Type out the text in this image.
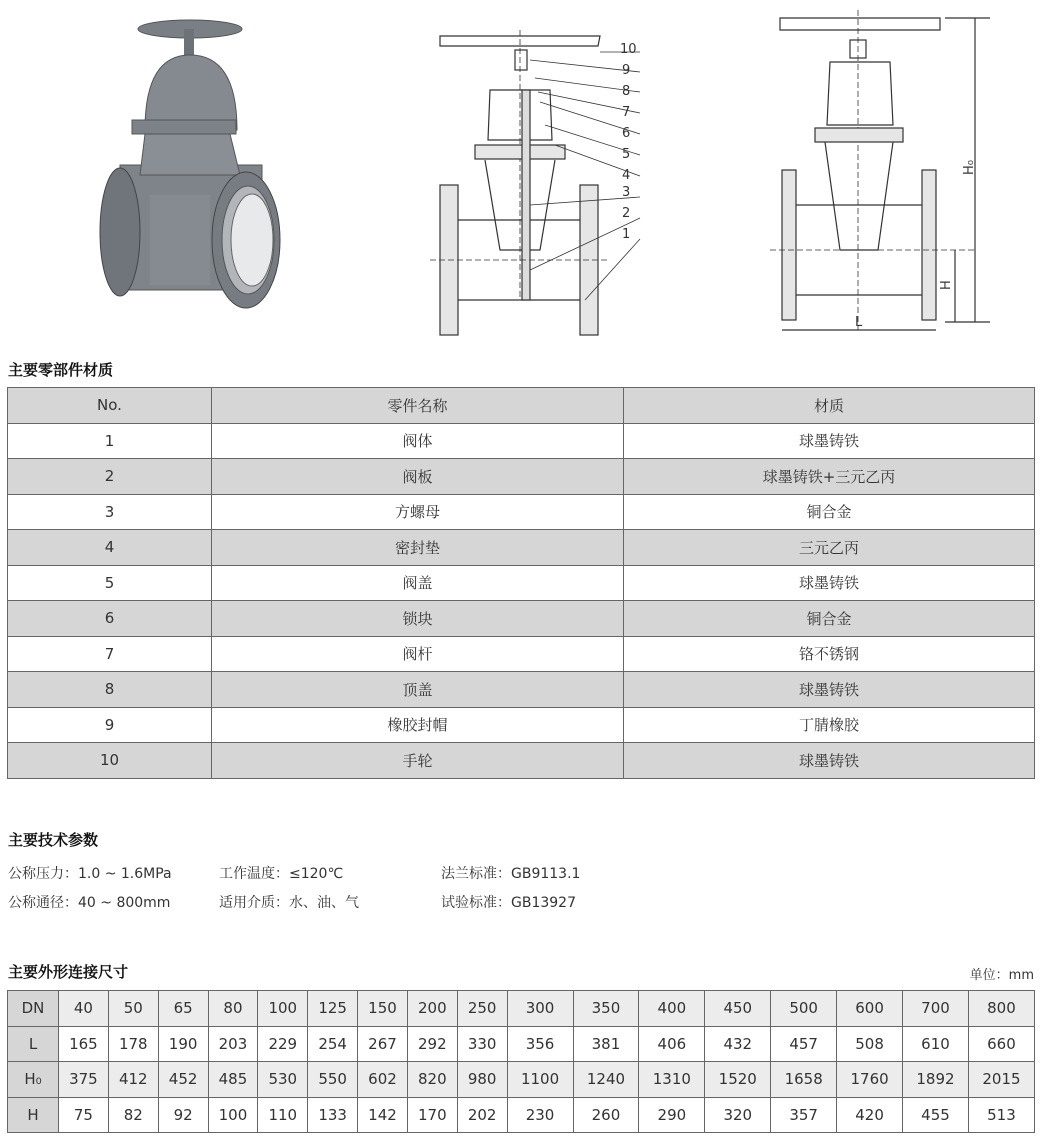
10
9
8
7
6
5
4
3
2
1
H₀
H
L
主要零部件材质
No.	零件名称	材质
1	阀体	球墨铸铁
2	阀板	球墨铸铁+三元乙丙
3	方螺母	铜合金
4	密封垫	三元乙丙
5	阀盖	球墨铸铁
6	锁块	铜合金
7	阀杆	铬不锈钢
8	顶盖	球墨铸铁
9	橡胶封帽	丁腈橡胶
10	手轮	球墨铸铁
主要技术参数
公称压力：1.0 ~ 1.6MPa	工作温度：≤120℃	法兰标准：GB9113.1
公称通径：40 ~ 800mm	适用介质：水、油、气	试验标准：GB13927
主要外形连接尺寸	单位：mm
DN	40	50	65	80	100	125	150	200	250	300	350	400	450	500	600	700	800
L	165	178	190	203	229	254	267	292	330	356	381	406	432	457	508	610	660
H₀	375	412	452	485	530	550	602	820	980	1100	1240	1310	1520	1658	1760	1892	2015
H	75	82	92	100	110	133	142	170	202	230	260	290	320	357	420	455	513
